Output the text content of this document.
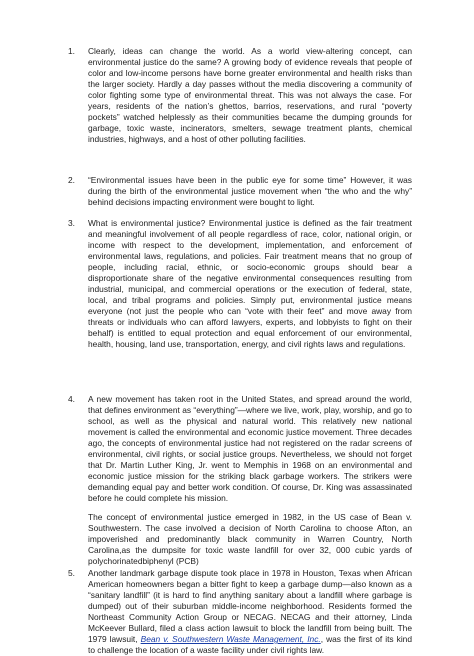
1.	Clearly, ideas can change the world. As a world view-altering concept, can environmental justice do the same? A growing body of evidence reveals that people of color and low-income persons have borne greater environmental and health risks than the larger society. Hardly a day passes without the media discovering a community of color fighting some type of environmental threat. This was not always the case. For years, residents of the nation’s ghettos, barrios, reservations, and rural “poverty pockets” watched helplessly as their communities became the dumping grounds for garbage, toxic waste, incinerators, smelters, sewage treatment plants, chemical industries, highways, and a host of other polluting facilities.

2.	“Environmental issues have been in the public eye for some time” However, it was during the birth of the environmental justice movement when “the who and the why” behind decisions impacting environment were bought to light.

3.	What is environmental justice? Environmental justice is defined as the fair treatment and meaningful involvement of all people regardless of race, color, national origin, or income with respect to the development, implementation, and enforcement of environmental laws, regulations, and policies. Fair treatment means that no group of people, including racial, ethnic, or socio-economic groups should bear a disproportionate share of the negative environmental consequences resulting from industrial, municipal, and commercial operations or the execution of federal, state, local, and tribal programs and policies. Simply put, environmental justice means everyone (not just the people who can “vote with their feet” and move away from threats or individuals who can afford lawyers, experts, and lobbyists to fight on their behalf) is entitled to equal protection and equal enforcement of our environmental, health, housing, land use, transportation, energy, and civil rights laws and regulations.

4.	A new movement has taken root in the United States, and spread around the world, that defines environment as “everything”—where we live, work, play, worship, and go to school, as well as the physical and natural world. This relatively new national movement is called the environmental and economic justice movement. Three decades ago, the concepts of environmental justice had not registered on the radar screens of environmental, civil rights, or social justice groups. Nevertheless, we should not forget that Dr. Martin Luther King, Jr. went to Memphis in 1968 on an environmental and economic justice mission for the striking black garbage workers. The strikers were demanding equal pay and better work condition. Of course, Dr. King was assassinated before he could complete his mission.

The concept of environmental justice emerged in 1982, in the US case of Bean v. Southwestern. The case involved a decision of North Carolina to choose Afton, an impoverished and predominantly black community in Warren Country, North Carolina,as the dumpsite for toxic waste landfill for over 32, 000 cubic yards of polychorinatedbiphenyl (PCB)

5.	Another landmark garbage dispute took place in 1978 in Houston, Texas when African American homeowners began a bitter fight to keep a garbage dump—also known as a “sanitary landfill” (it is hard to find anything sanitary about a landfill where garbage is dumped) out of their suburban middle-income neighborhood. Residents formed the Northeast Community Action Group or NECAG. NECAG and their attorney, Linda McKeever Bullard, filed a class action lawsuit to block the landfill from being built. The 1979 lawsuit, Bean v. Southwestern Waste Management, Inc., was the first of its kind to challenge the location of a waste facility under civil rights law.
